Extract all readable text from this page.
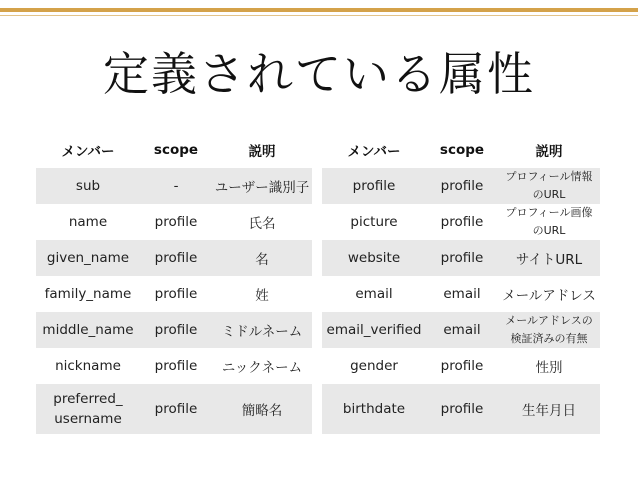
定義されている属性
メンバー	scope	説明
sub	-	ユーザー識別子
name	profile	氏名
given_name	profile	名
family_name	profile	姓
middle_name	profile	ミドルネーム
nickname	profile	ニックネーム
preferred_
username	profile	簡略名
メンバー	scope	説明
profile	profile	プロフィール情報
のURL
picture	profile	プロフィール画像
のURL
website	profile	サイトURL
email	email	メールアドレス
email_verified	email	メールアドレスの
検証済みの有無
gender	profile	性別
birthdate	profile	生年月日
